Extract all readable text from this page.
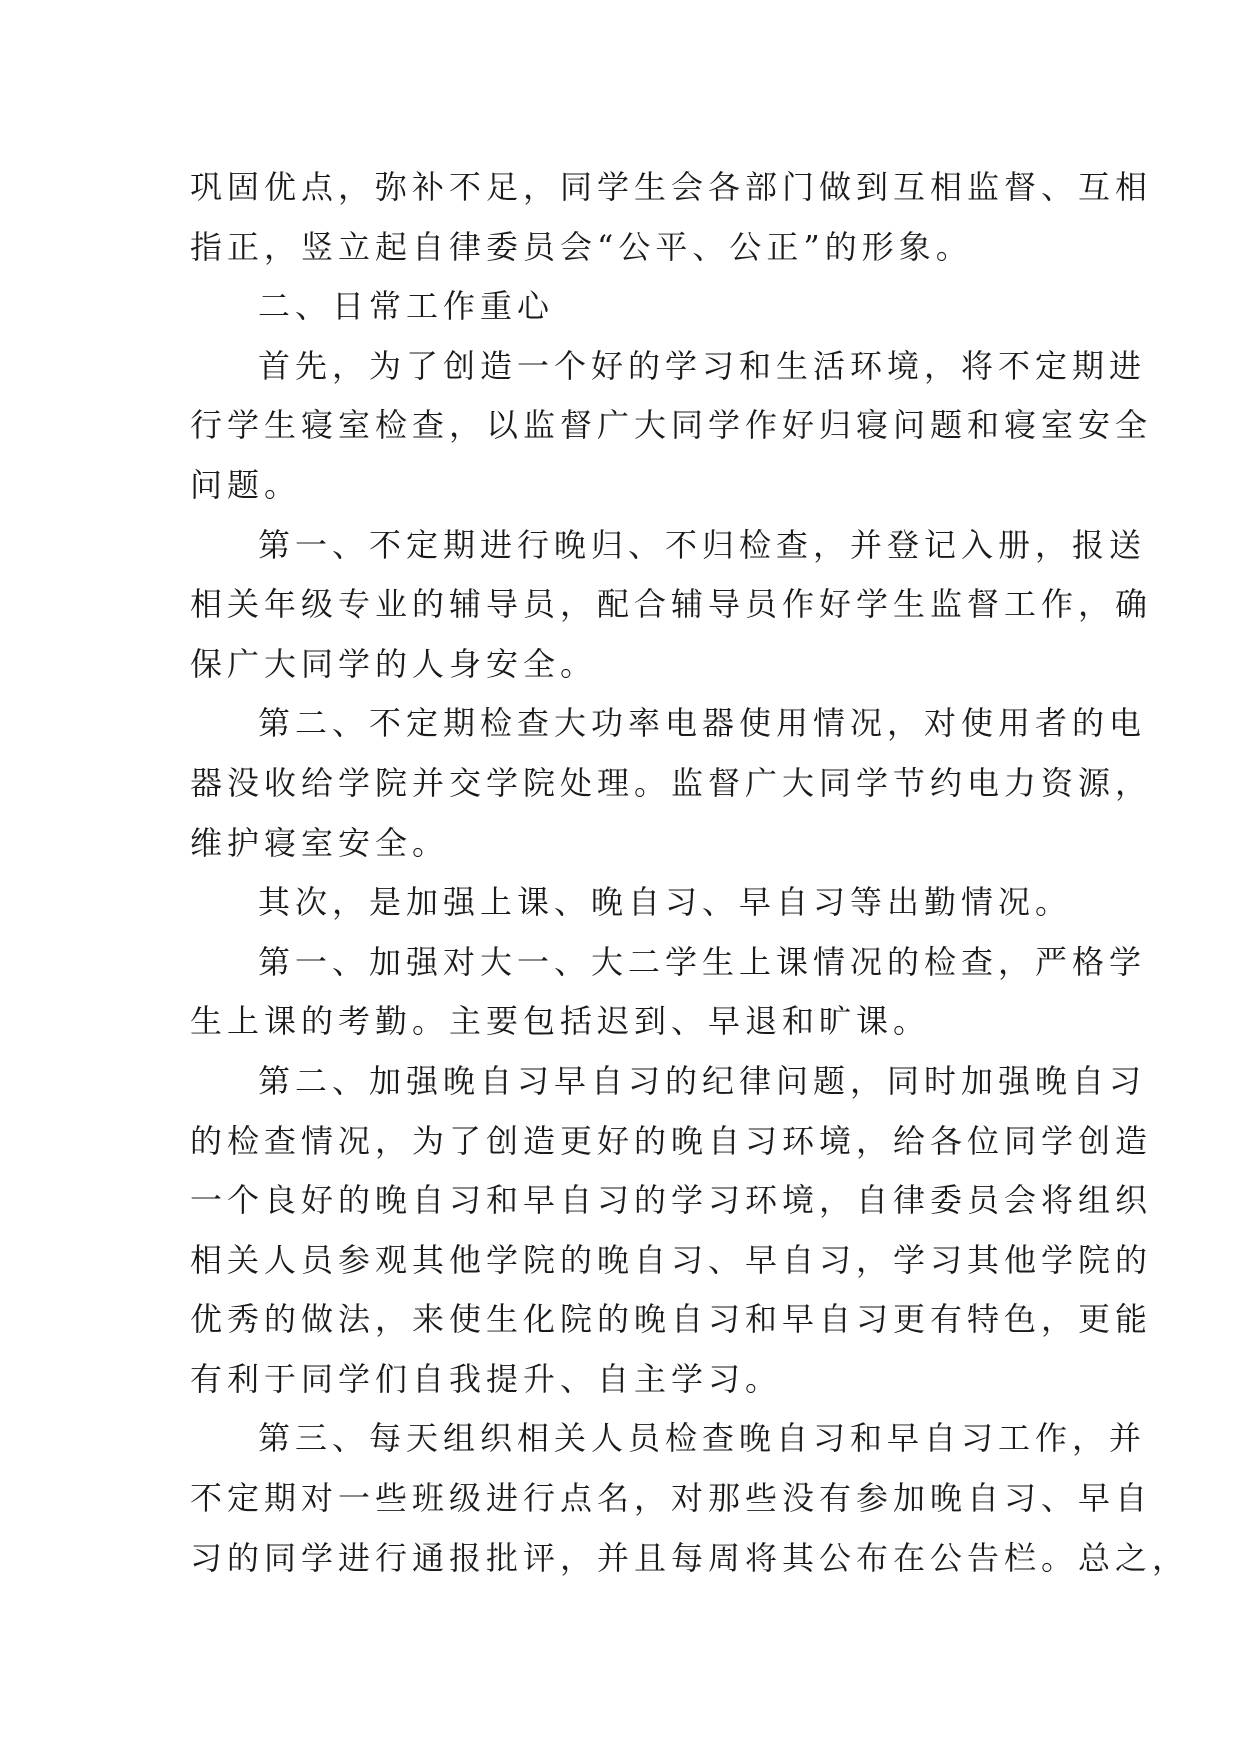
巩固优点，弥补不足，同学生会各部门做到互相监督、互相
指正，竖立起自律委员会“公平、公正”的形象。
二、日常工作重心
首先，为了创造一个好的学习和生活环境，将不定期进
行学生寝室检查，以监督广大同学作好归寝问题和寝室安全
问题。
第一、不定期进行晚归、不归检查，并登记入册，报送
相关年级专业的辅导员，配合辅导员作好学生监督工作，确
保广大同学的人身安全。
第二、不定期检查大功率电器使用情况，对使用者的电
器没收给学院并交学院处理。监督广大同学节约电力资源，
维护寝室安全。
其次，是加强上课、晚自习、早自习等出勤情况。
第一、加强对大一、大二学生上课情况的检查，严格学
生上课的考勤。主要包括迟到、早退和旷课。
第二、加强晚自习早自习的纪律问题，同时加强晚自习
的检查情况，为了创造更好的晚自习环境，给各位同学创造
一个良好的晚自习和早自习的学习环境，自律委员会将组织
相关人员参观其他学院的晚自习、早自习，学习其他学院的
优秀的做法，来使生化院的晚自习和早自习更有特色，更能
有利于同学们自我提升、自主学习。
第三、每天组织相关人员检查晚自习和早自习工作，并
不定期对一些班级进行点名，对那些没有参加晚自习、早自
习的同学进行通报批评，并且每周将其公布在公告栏。总之，
